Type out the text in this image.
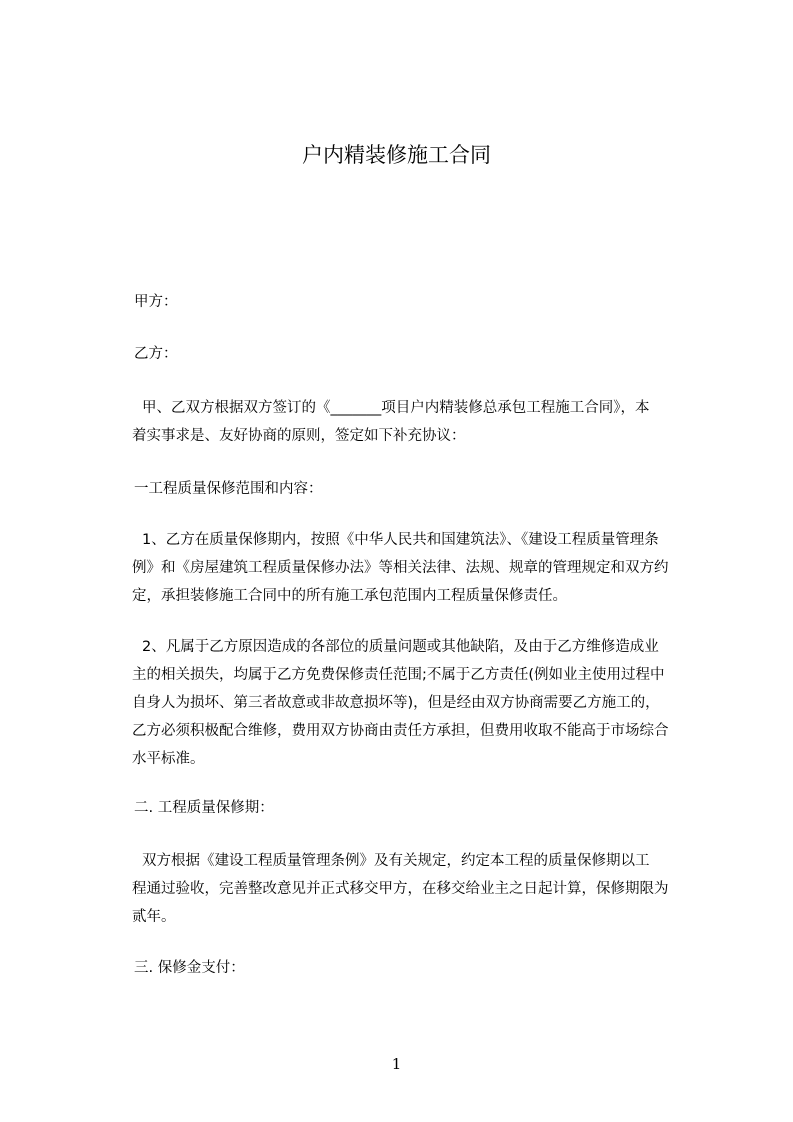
户内精装修施工合同
甲方：
乙方：
甲、乙双方根据双方签订的《_______项目户内精装修总承包工程施工合同》，本
着实事求是、友好协商的原则，签定如下补充协议：
一工程质量保修范围和内容：
1、乙方在质量保修期内，按照《中华人民共和国建筑法》、《建设工程质量管理条
例》和《房屋建筑工程质量保修办法》等相关法律、法规、规章的管理规定和双方约
定，承担装修施工合同中的所有施工承包范围内工程质量保修责任。
2、凡属于乙方原因造成的各部位的质量问题或其他缺陷，及由于乙方维修造成业
主的相关损失，均属于乙方免费保修责任范围;不属于乙方责任(例如业主使用过程中
自身人为损坏、第三者故意或非故意损坏等)，但是经由双方协商需要乙方施工的，
乙方必须积极配合维修，费用双方协商由责任方承担，但费用收取不能高于市场综合
水平标准。
二. 工程质量保修期：
双方根据《建设工程质量管理条例》及有关规定，约定本工程的质量保修期以工
程通过验收，完善整改意见并正式移交甲方，在移交给业主之日起计算，保修期限为
贰年。
三. 保修金支付：
1
